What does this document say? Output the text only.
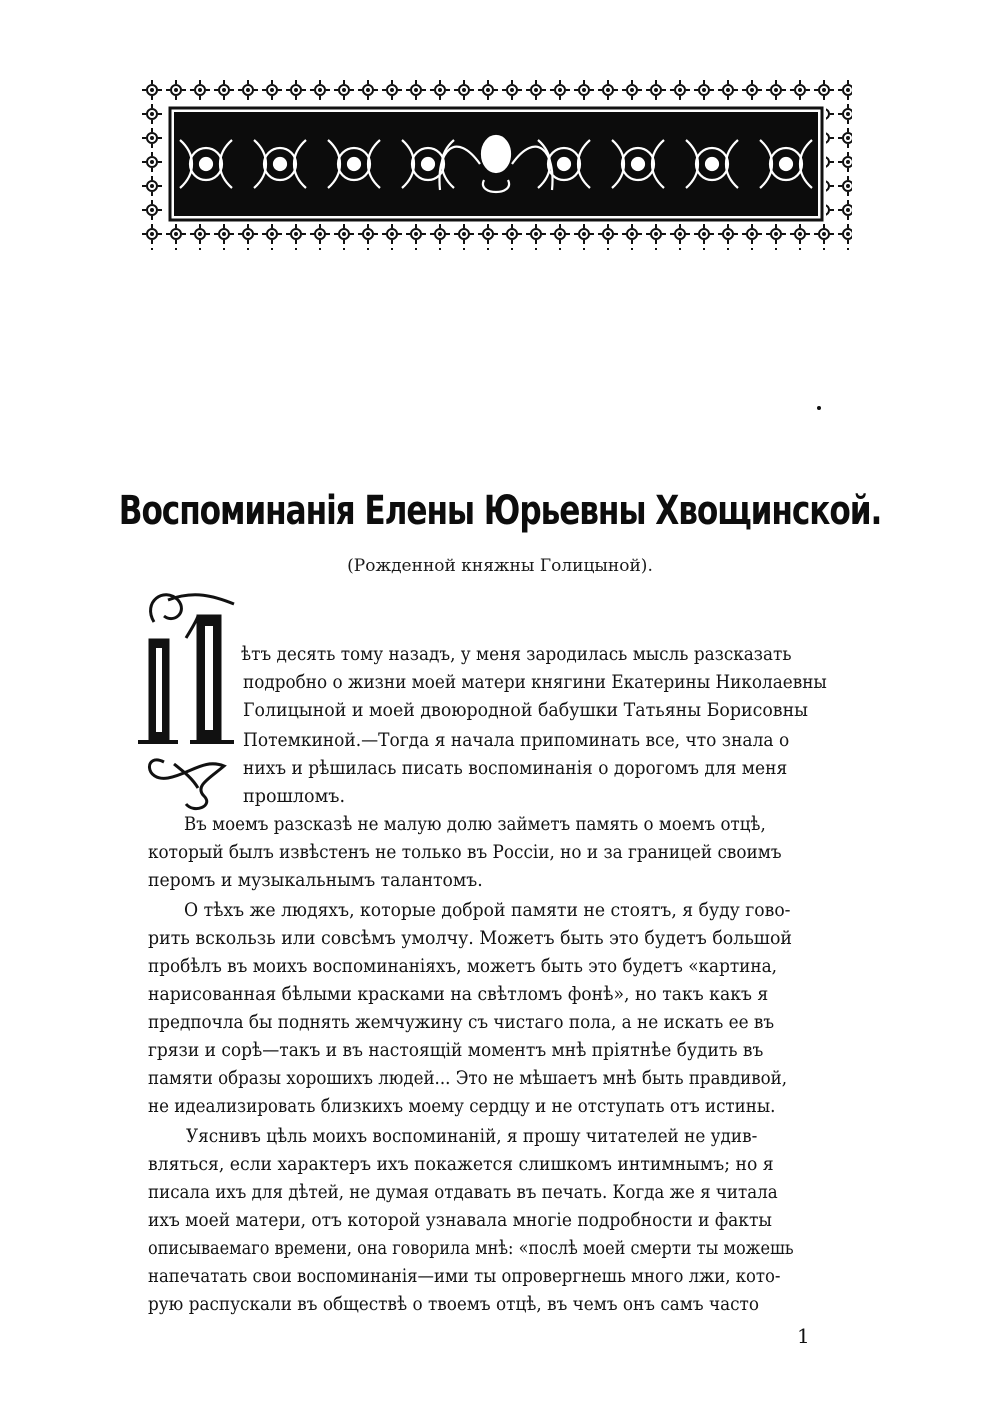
Воспоминанія Елены Юрьевны Хвощинской.
(Рожденной княжны Голицыной).
ѣтъ десять тому назадъ, у меня зародилась мысль разсказать
подробно о жизни моей матери княгини Екатерины Николаевны
Голицыной и моей двоюродной бабушки Татьяны Борисовны
Потемкиной.—Тогда я начала припоминать все, что знала о
нихъ и рѣшилась писать воспоминанія о дорогомъ для меня
прошломъ.
Въ моемъ разсказѣ не малую долю займетъ память о моемъ отцѣ,
который былъ извѣстенъ не только въ Россіи, но и за границей своимъ
перомъ и музыкальнымъ талантомъ.
О тѣхъ же людяхъ, которые доброй памяти не стоятъ, я буду гово-
рить вскользь или совсѣмъ умолчу. Можетъ быть это будетъ большой
пробѣлъ въ моихъ воспоминаніяхъ, можетъ быть это будетъ «картина,
нарисованная бѣлыми красками на свѣтломъ фонѣ», но такъ какъ я
предпочла бы поднять жемчужину съ чистаго пола, а не искать ее въ
грязи и сорѣ—такъ и въ настоящій моментъ мнѣ пріятнѣе будить въ
памяти образы хорошихъ людей... Это не мѣшаетъ мнѣ быть правдивой,
не идеализировать близкихъ моему сердцу и не отступать отъ истины.
Уяснивъ цѣль моихъ воспоминаній, я прошу читателей не удив-
вляться, если характеръ ихъ покажется слишкомъ интимнымъ; но я
писала ихъ для дѣтей, не думая отдавать въ печать. Когда же я читала
ихъ моей матери, отъ которой узнавала многіе подробности и факты
описываемаго времени, она говорила мнѣ: «послѣ моей смерти ты можешь
напечатать свои воспоминанія—ими ты опровергнешь много лжи, кото-
рую распускали въ обществѣ о твоемъ отцѣ, въ чемъ онъ самъ часто
1
